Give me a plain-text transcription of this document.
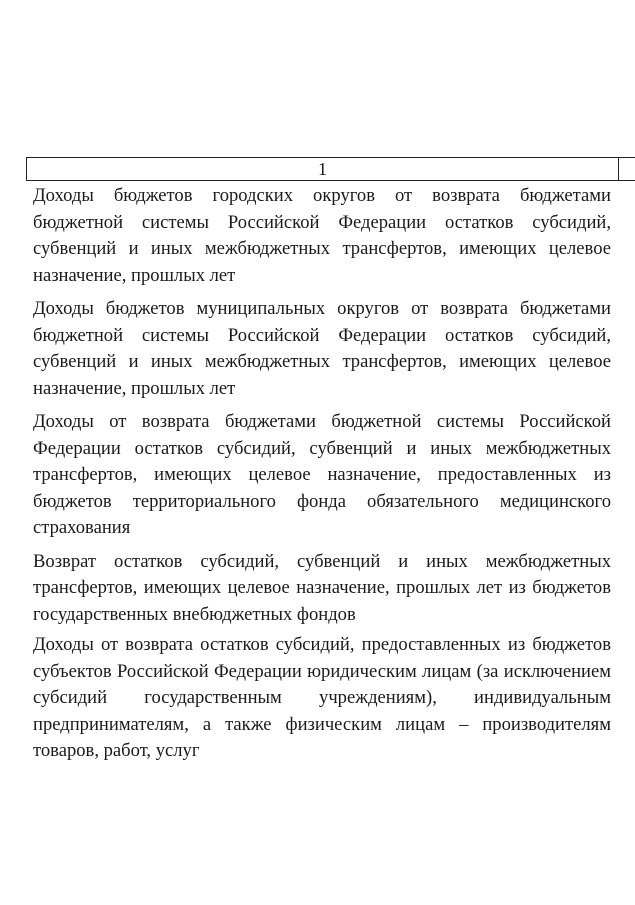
1

Доходы бюджетов городских округов от возврата бюджетами бюджетной системы Российской Федерации остатков субсидий, субвенций и иных межбюджетных трансфертов, имеющих целевое назначение, прошлых лет

Доходы бюджетов муниципальных округов от возврата бюджетами бюджетной системы Российской Федерации остатков субсидий, субвенций и иных межбюджетных трансфертов, имеющих целевое назначение, прошлых лет

Доходы от возврата бюджетами бюджетной системы Российской Федерации остатков субсидий, субвенций и иных межбюджетных трансфертов, имеющих целевое назначение, предоставленных из бюджетов территориального фонда обязательного медицинского страхования

Возврат остатков субсидий, субвенций и иных межбюджетных трансфертов, имеющих целевое назначение, прошлых лет из бюджетов государственных внебюджетных фондов

Доходы от возврата остатков субсидий, предоставленных из бюджетов субъектов Российской Федерации юридическим лицам (за исключением субсидий государственным учреждениям), индивидуальным предпринимателям, а также физическим лицам – производителям товаров, работ, услуг
